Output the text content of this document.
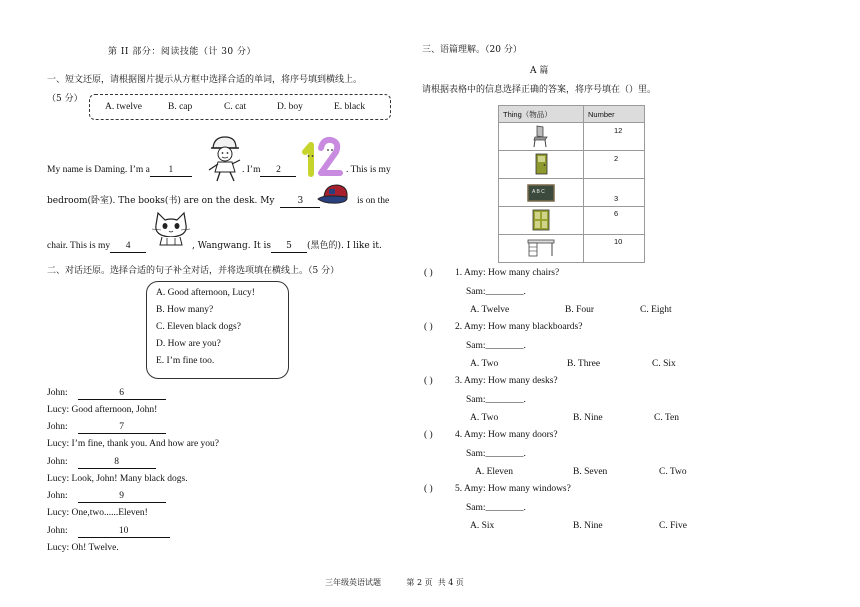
第 II 部分：阅读技能（计 30 分）
一、短文还原，请根据图片提示从方框中选择合适的单词，将序号填到横线上。
（5 分）
A. twelve	B. cap	C. cat	D. boy	E. black
My name is Daming. I’m a 1	. I’m 2	. This is my
bedroom(卧室). The books(书) are on the desk. My	3	is on the
chair. This is my 4	, Wangwang. It is 5 (黑色的). I like it.
二、对话还原。选择合适的句子补全对话，并将选项填在横线上。（5 分）
A. Good afternoon, Lucy!
B. How many?
C. Eleven black dogs?
D. How are you?
E. I’m fine too.
John:	6
Lucy: Good afternoon, John!
John:	7
Lucy: I’m fine, thank you. And how are you?
John:	8
Lucy: Look, John! Many black dogs.
John:	9
Lucy: One,two......Eleven!
John:	10
Lucy: Oh! Twelve.
三、语篇理解。（20 分）
A 篇
请根据表格中的信息选择正确的答案，将序号填在（）里。
Thing（物品）	Number
	12
	2

A B C	3
	6
	10
( ) 1. Amy: How many chairs?
Sam:________.
A. Twelve	B. Four	C. Eight
( ) 2. Amy: How many blackboards?
Sam:________.
A. Two	B. Three	C. Six
( ) 3. Amy: How many desks?
Sam:________.
A. Two	B. Nine	C. Ten
( ) 4. Amy: How many doors?
Sam:________.
A. Eleven	B. Seven	C. Two
( ) 5. Amy: How many windows?
Sam:________.
A. Six	B. Nine	C. Five
三年级英语试题          第 2 页  共 4 页
